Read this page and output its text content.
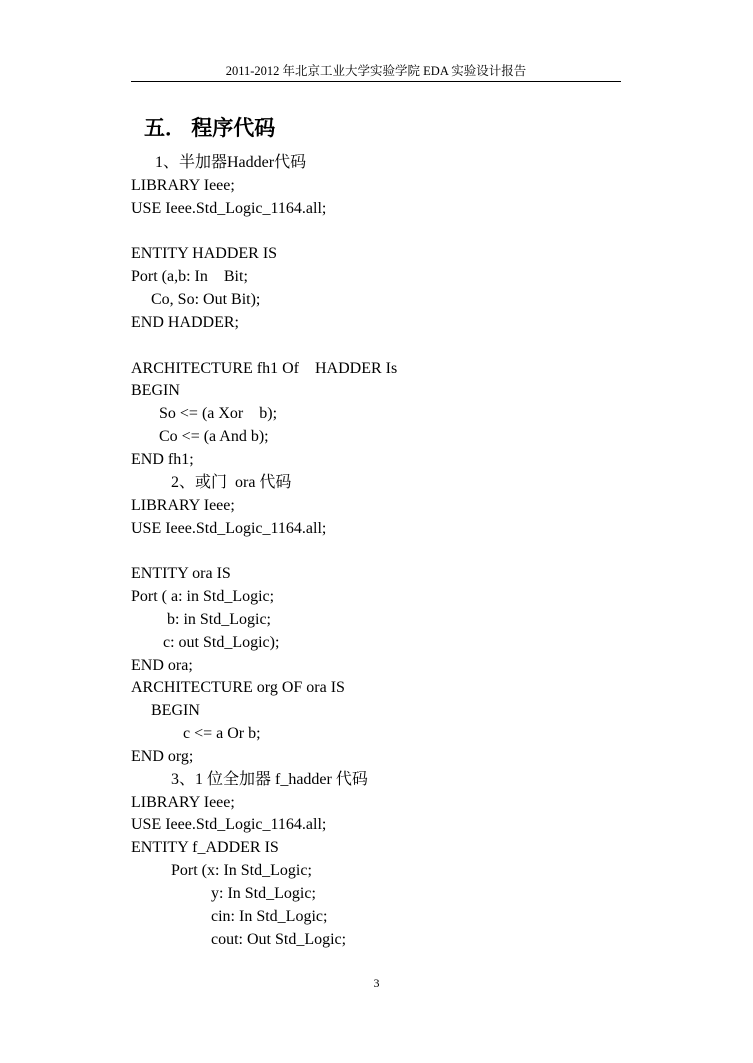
2011-2012 年北京工业大学实验学院 EDA 实验设计报告
五． 程序代码
1、半加器Hadder代码
LIBRARY Ieee;
USE Ieee.Std_Logic_1164.all;
ENTITY HADDER IS
Port (a,b: In    Bit;
Co, So: Out Bit);
END HADDER;
ARCHITECTURE fh1 Of    HADDER Is
BEGIN
So <= (a Xor    b);
Co <= (a And b);
END fh1;
2、或门  ora 代码
LIBRARY Ieee;
USE Ieee.Std_Logic_1164.all;
ENTITY ora IS
Port ( a: in Std_Logic;
b: in Std_Logic;
c: out Std_Logic);
END ora;
ARCHITECTURE org OF ora IS
BEGIN
c <= a Or b;
END org;
3、1 位全加器 f_hadder 代码
LIBRARY Ieee;
USE Ieee.Std_Logic_1164.all;
ENTITY f_ADDER IS
Port (x: In Std_Logic;
y: In Std_Logic;
cin: In Std_Logic;
cout: Out Std_Logic;
3
